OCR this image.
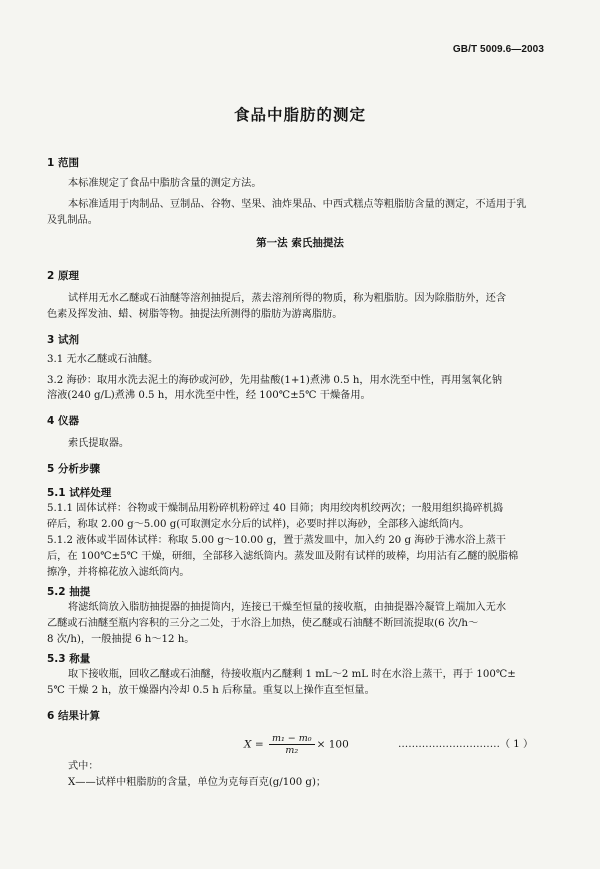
GB/T 5009.6—2003
食品中脂肪的测定
1 范围
本标准规定了食品中脂肪含量的测定方法。
本标准适用于肉制品、豆制品、谷物、坚果、油炸果品、中西式糕点等粗脂肪含量的测定，不适用于乳
及乳制品。
第一法 索氏抽提法
2 原理
试样用无水乙醚或石油醚等溶剂抽提后，蒸去溶剂所得的物质，称为粗脂肪。因为除脂肪外，还含
色素及挥发油、蜡、树脂等物。抽提法所测得的脂肪为游离脂肪。
3 试剂
3.1 无水乙醚或石油醚。
3.2 海砂：取用水洗去泥土的海砂或河砂，先用盐酸(1+1)煮沸 0.5 h，用水洗至中性，再用氢氧化钠
溶液(240 g/L)煮沸 0.5 h，用水洗至中性，经 100℃±5℃ 干燥备用。
4 仪器
索氏提取器。
5 分析步骤
5.1 试样处理
5.1.1 固体试样：谷物或干燥制品用粉碎机粉碎过 40 目筛；肉用绞肉机绞两次；一般用组织捣碎机捣
碎后，称取 2.00 g～5.00 g(可取测定水分后的试样)，必要时拌以海砂，全部移入滤纸筒内。
5.1.2 液体或半固体试样：称取 5.00 g～10.00 g，置于蒸发皿中，加入约 20 g 海砂于沸水浴上蒸干
后，在 100℃±5℃ 干燥，研细，全部移入滤纸筒内。蒸发皿及附有试样的玻棒，均用沾有乙醚的脱脂棉
擦净，并将棉花放入滤纸筒内。
5.2 抽提
将滤纸筒放入脂肪抽提器的抽提筒内，连接已干燥至恒量的接收瓶，由抽提器冷凝管上端加入无水
乙醚或石油醚至瓶内容积的三分之二处，于水浴上加热，使乙醚或石油醚不断回流提取(6 次/h～
8 次/h)，一般抽提 6 h～12 h。
5.3 称量
取下接收瓶，回收乙醚或石油醚，待接收瓶内乙醚剩 1 mL～2 mL 时在水浴上蒸干，再于 100℃±
5℃ 干燥 2 h，放干燥器内冷却 0.5 h 后称量。重复以上操作直至恒量。
6 结果计算
$X = \frac{\text{m₁ − m₀}}{\text{m₂}} \times 100$	…………………………（ 1 ）
式中：
X——试样中粗脂肪的含量，单位为克每百克(g/100 g)；
